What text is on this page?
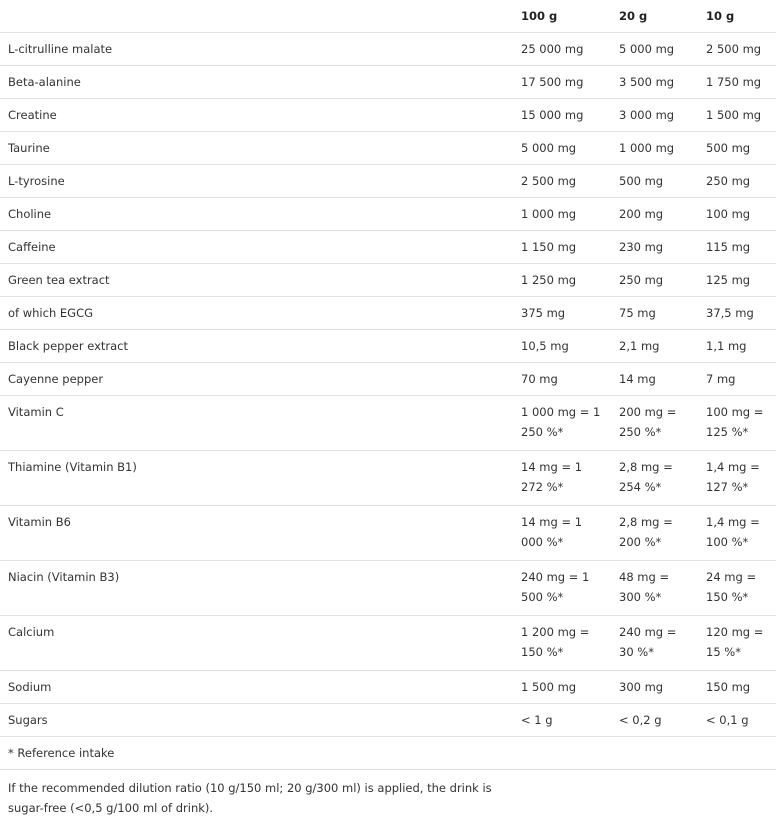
	100 g	20 g	10 g
L-citrulline malate	25 000 mg	5 000 mg	2 500 mg
Beta-alanine	17 500 mg	3 500 mg	1 750 mg
Creatine	15 000 mg	3 000 mg	1 500 mg
Taurine	5 000 mg	1 000 mg	500 mg
L-tyrosine	2 500 mg	500 mg	250 mg
Choline	1 000 mg	200 mg	100 mg
Caffeine	1 150 mg	230 mg	115 mg
Green tea extract	1 250 mg	250 mg	125 mg
of which EGCG	375 mg	75 mg	37,5 mg
Black pepper extract	10,5 mg	2,1 mg	1,1 mg
Cayenne pepper	70 mg	14 mg	7 mg
Vitamin C	1 000 mg = 1 250 %*	200 mg = 250 %*	100 mg = 125 %*
Thiamine (Vitamin B1)	14 mg = 1 272 %*	2,8 mg = 254 %*	1,4 mg = 127 %*
Vitamin B6	14 mg = 1 000 %*	2,8 mg = 200 %*	1,4 mg = 100 %*
Niacin (Vitamin B3)	240 mg = 1 500 %*	48 mg = 300 %*	24 mg = 150 %*
Calcium	1 200 mg = 150 %*	240 mg = 30 %*	120 mg = 15 %*
Sodium	1 500 mg	300 mg	150 mg
Sugars	< 1 g	< 0,2 g	< 0,1 g
* Reference intake			
If the recommended dilution ratio (10 g/150 ml; 20 g/300 ml) is applied, the drink is sugar-free (<0,5 g/100 ml of drink).
